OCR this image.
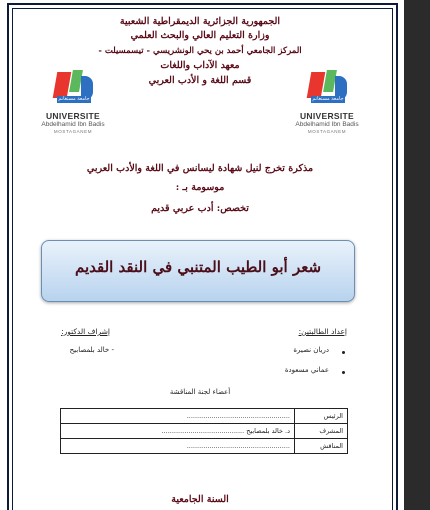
الجمهورية الجزائرية الديمقراطية الشعبية
وزارة التعليم العالي والبحث العلمي
المركز الجامعي أحمد بن يحي الونشريسي - تيسمسيلت -
معهد الآداب واللغات
قسم اللغة و الأدب العربي
جامعة مستغانم
UNIVERSITE
Abdelhamid Ibn Badis
MOSTAGANEM
جامعة مستغانم
UNIVERSITE
Abdelhamid Ibn Badis
MOSTAGANEM
مذكرة تخرج لنيل شهادة ليسانس في اللغة والأدب العربي
موسومة بـ :
تخصص: أدب عربي قديم
شعر أبو الطيب المتنبي في النقد القديم
إعداد الطالبتين:
دريان نصيرة
عماني مسعودة
إشراف الدكتور:
- خالد بلمصابيح
أعضاء لجنة المناقشة
الرئيس	..................................................
المشرف	د. خالد بلمصابيح ........................................
المناقش	..................................................
السنة الجامعية
